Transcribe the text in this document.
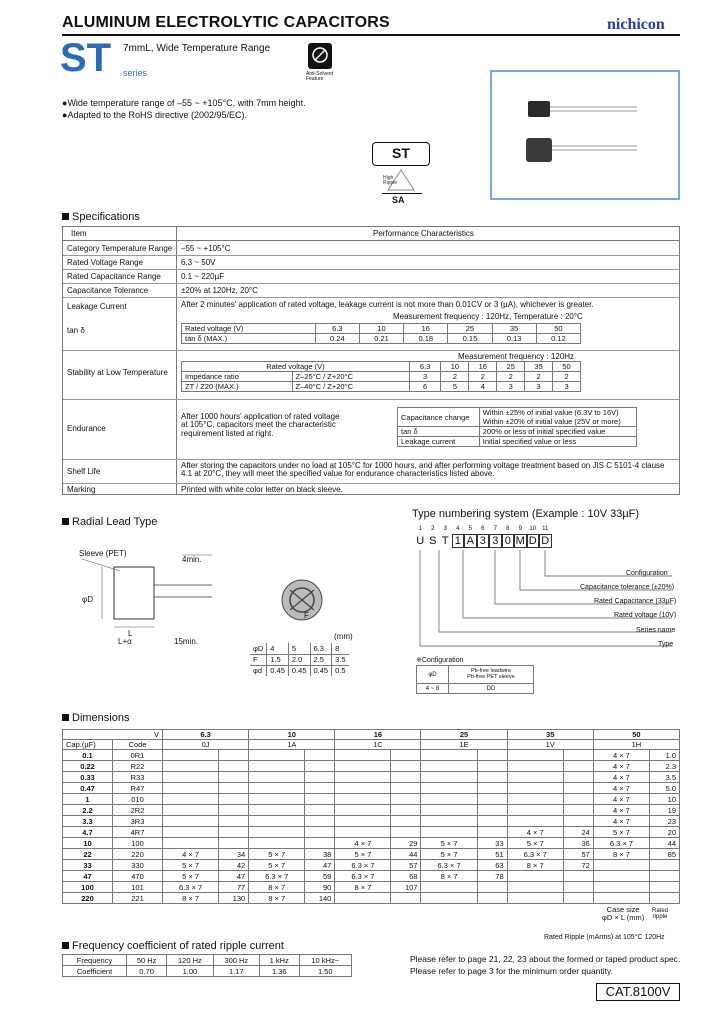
ALUMINUM ELECTROLYTIC CAPACITORS	nichicon
ST series
7mmL, Wide Temperature Range
Anti-Solvent
Feature
●Wide temperature range of –55 ~ +105°C, with 7mm height.
●Adapted to the RoHS directive (2002/95/EC).
ST
High
Ripple
SA
Specifications
Item	Performance Characteristics
Category Temperature Range –55 ~ +105°C
Rated Voltage Range	6.3 ~ 50V
Rated Capacitance Range	0.1 ~ 220µF
Capacitance Tolerance	±20% at 120Hz, 20°C
Leakage Current	After 2 minutes' application of rated voltage, leakage current is not more than 0.01CV or 3 (µA), whichever is greater.
tan δ
Measurement frequency : 120Hz, Temperature : 20°C
Rated voltage (V)	6.3	10	16	25	35	50
tan δ (MAX.)	0.24	0.21	0.18	0.15	0.13	0.12
Stability at Low Temperature
Measurement frequency : 120Hz
Rated voltage (V)		6.3	10	16	25	35	50
Impedance ratio	Z–25°C / Z+20°C	3	2	2	2	2	2
ZT / Z20 (MAX.)	Z–40°C / Z+20°C	6	5	4	3	3	3
Endurance
After 1000 hours' application of rated voltage at 105°C, capacitors meet the characteristic requirement listed at right.
Capacitance change	Within ±25% of initial value (6.3V to 16V)
Within ±20% of initial value (25V or more)
tan δ	200% or less of initial specified value
Leakage current	Initial specified value or less
Shelf Life
After storing the capacitors under no load at 105°C for 1000 hours, and after performing voltage treatment based on JIS C 5101-4 clause 4.1 at 20°C, they will meet the specified value for endurance characteristics listed above.
Marking	Printed with white color letter on black sleeve.
Radial Lead Type
Sleeve (PET)
φD
L
15min.
4min.
L+α
F
(mm)
φD	4	5	6.3	8
F	1.5	2.0	2.5	3.5
φd	0.45	0.45	0.45	0.5
Type numbering system (Example : 10V 33µF)
1 2 3 4 5 6 7 8 9 10 11
U S T 1 A 3 3 0 M D D
Configuration
Capacitance tolerance (±20%)
Rated Capacitance (33µF)
Rated voltage (10V)
Series name
Type
※Configuration
φD	Pb-free leadwire
Pb-free PET sleeve
4 ~ 8	DD
Dimensions
V		6.3		10		16		25		35		50	
Cap.(µF)	Code	0J		1A		1C		1E		1V		1H	
0.1	0R1											4 × 7	1.0
0.22	R22											4 × 7	2.3
0.33	R33											4 × 7	3.5
0.47	R47											4 × 7	5.0
1	010											4 × 7	10
2.2	2R2											4 × 7	19
3.3	3R3											4 × 7	23
4.7	4R7									4 × 7	24	5 × 7	20
10	100					4 × 7	29	5 × 7	33	5 × 7	36	6.3 × 7	44
22	220	4 × 7	34	5 × 7	38	5 × 7	44	5 × 7	51	6.3 × 7	57	8 × 7	85
33	330	5 × 7	42	5 × 7	47	6.3 × 7	57	6.3 × 7	63	8 × 7	72		
47	470	5 × 7	47	6.3 × 7	59	6.3 × 7	68	8 × 7	78				
100	101	6.3 × 7	77	8 × 7	90	8 × 7	107						
220	221	8 × 7	130	8 × 7	140								
Case size
φD × L (mm)
Rated
ripple
Rated Ripple (mArms) at 105°C 120Hz
Frequency coefficient of rated ripple current
Frequency	50 Hz	120 Hz	300 Hz	1 kHz	10 kHz~
Coefficient	0.70	1.00	1.17	1.36	1.50
Please refer to page 21, 22, 23 about the formed or taped product spec.
Please refer to page 3 for the minimum order quantity.
CAT.8100V
